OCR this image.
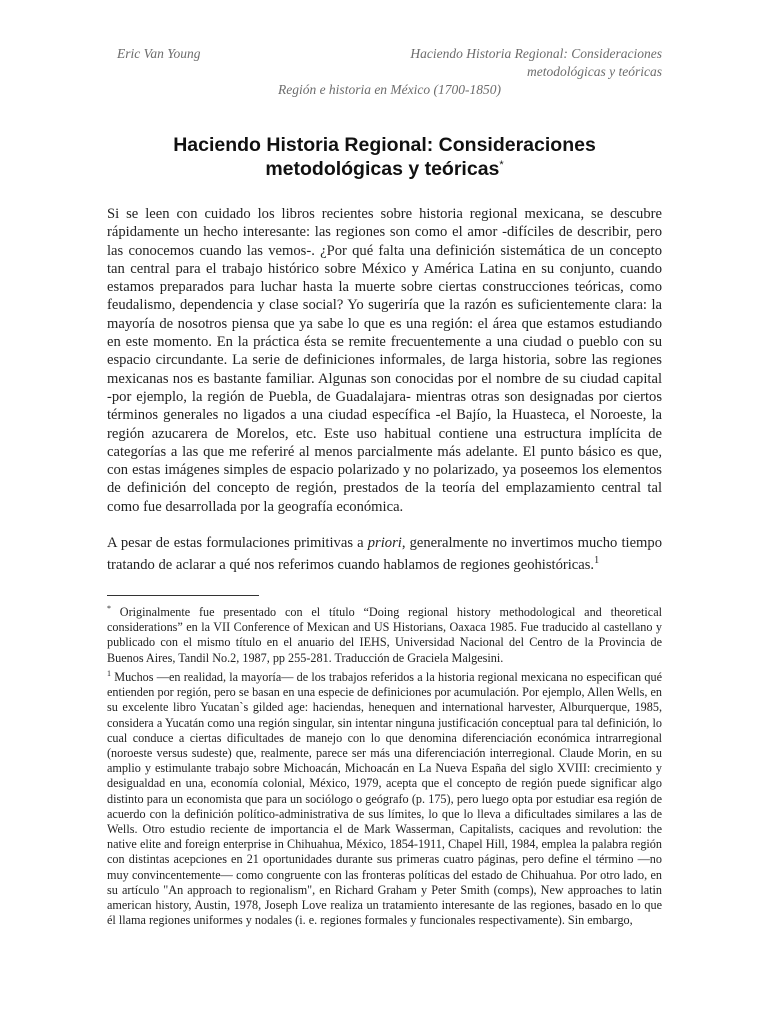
Eric Van Young	Haciendo Historia Regional: Consideraciones metodológicas y teóricas
Región e historia en México (1700-1850)
Haciendo Historia Regional: Consideraciones metodológicas y teóricas*

Si se leen con cuidado los libros recientes sobre historia regional mexicana, se descubre rápidamente un hecho interesante: las regiones son como el amor -difíciles de describir, pero las conocemos cuando las vemos-. ¿Por qué falta una definición sistemática de un concepto tan central para el trabajo histórico sobre México y América Latina en su conjunto, cuando estamos preparados para luchar hasta la muerte sobre ciertas construcciones teóricas, como feudalismo, dependencia y clase social? Yo sugeriría que la razón es suficientemente clara: la mayoría de nosotros piensa que ya sabe lo que es una región: el área que estamos estudiando en este momento. En la práctica ésta se remite frecuentemente a una ciudad o pueblo con su espacio circundante. La serie de definiciones informales, de larga historia, sobre las regiones mexicanas nos es bastante familiar. Algunas son conocidas por el nombre de su ciudad capital -por ejemplo, la región de Puebla, de Guadalajara- mientras otras son designadas por ciertos términos generales no ligados a una ciudad específica -el Bajío, la Huasteca, el Noroeste, la región azucarera de Morelos, etc. Este uso habitual contiene una estructura implícita de categorías a las que me referiré al menos parcialmente más adelante. El punto básico es que, con estas imágenes simples de espacio polarizado y no polarizado, ya poseemos los elementos de definición del concepto de región, prestados de la teoría del emplazamiento central tal como fue desarrollada por la geografía económica.

A pesar de estas formulaciones primitivas a priori, generalmente no invertimos mucho tiempo tratando de aclarar a qué nos referimos cuando hablamos de regiones geohistóricas.$^1$

* Originalmente fue presentado con el título “Doing regional history methodological and theoretical considerations” en la VII Conference of Mexican and US Historians, Oaxaca 1985. Fue traducido al castellano y publicado con el mismo título en el anuario del IEHS, Universidad Nacional del Centro de la Provincia de Buenos Aires, Tandil No.2, 1987, pp 255-281. Traducción de Graciela Malgesini.

$^1$ Muchos —en realidad, la mayoría— de los trabajos referidos a la historia regional mexicana no especifican qué entienden por región, pero se basan en una especie de definiciones por acumulación. Por ejemplo, Allen Wells, en su excelente libro Yucatan`s gilded age: haciendas, henequen and international harvester, Alburquerque, 1985, considera a Yucatán como una región singular, sin intentar ninguna justificación conceptual para tal definición, lo cual conduce a ciertas dificultades de manejo con lo que denomina diferenciación económica intrarregional (noroeste versus sudeste) que, realmente, parece ser más una diferenciación interregional. Claude Morin, en su amplio y estimulante trabajo sobre Michoacán, Michoacán en La Nueva España del siglo XVIII: crecimiento y desigualdad en una, economía colonial, México, 1979, acepta que el concepto de región puede significar algo distinto para un economista que para un sociólogo o geógrafo (p. 175), pero luego opta por estudiar esa región de acuerdo con la definición político-administrativa de sus límites, lo que lo lleva a dificultades similares a las de Wells. Otro estudio reciente de importancia el de Mark Wasserman, Capitalists, caciques and revolution: the native elite and foreign enterprise in Chihuahua, México, 1854-1911, Chapel Hill, 1984, emplea la palabra región con distintas acepciones en 21 oportunidades durante sus primeras cuatro páginas, pero define el término —no muy convincentemente— como congruente con las fronteras políticas del estado de Chihuahua. Por otro lado, en su artículo "An approach to regionalism", en Richard Graham y Peter Smith (comps), New approaches to latin american history, Austin, 1978, Joseph Love realiza un tratamiento interesante de las regiones, basado en lo que él llama regiones uniformes y nodales (i. e. regiones formales y funcionales respectivamente). Sin embargo,
